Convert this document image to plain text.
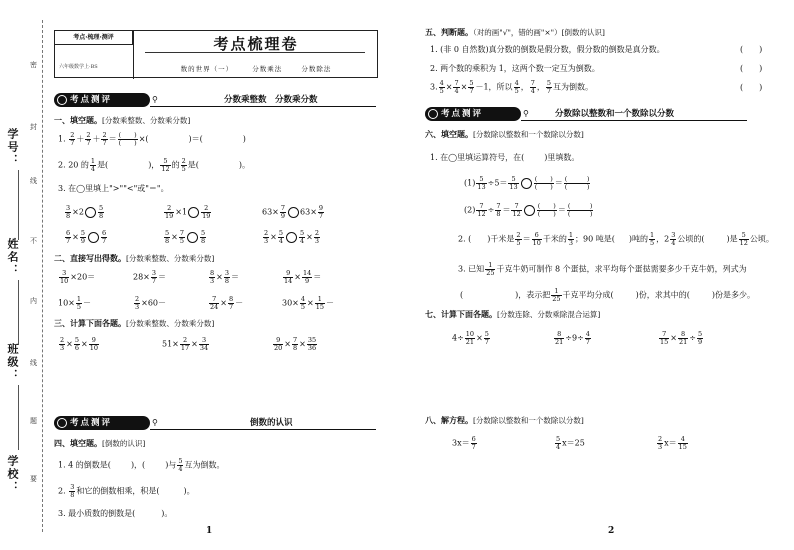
学号：
姓名：
班级：
学校：
密
封
线
不
内
线
题
要
考点·梳理·测评
六年级数学上·BS
考点梳理卷
数的世界（一）	分数乘法	分数除法
考点测评	⚲	分数乘整数　分数乘分数
一、填空题。[分数乘整数、分数乘分数]
1. $\frac{2}{7} + \frac{2}{7} + \frac{2}{7} = \frac{( )}{( )}$ ×(	)＝(	)
2. 20 的 $\frac{1}{4}$ 是(	)， $\frac{5}{12}$ 的 $\frac{2}{5}$ 是(	)。
3. 在◯里填上">""<"或"＝"。
$\frac{3}{8} \times 2 \frac{5}{8}$	$\frac{2}{19} \times 1 \frac{2}{19}$	$63\times \frac{7}{9} 63\times \frac{9}{7}$
$\frac{6}{7} \times \frac{5}{9} \frac{6}{7}$	$\frac{5}{8} \times \frac{7}{5} \frac{5}{8}$	$\frac{2}{3} \times \frac{5}{4} \frac{5}{4} \times \frac{2}{3}$
二、直接写出得数。[分数乘整数、分数乘分数]
$\frac{3}{10} \times 20=$	$28\times \frac{3}{7}$ ＝	$\frac{8}{3} \times \frac{3}{8}$ ＝	$\frac{9}{14} \times \frac{14}{9}$ ＝
$10\times \frac{1}{5}$ －	$\frac{2}{3} \times 60-$	$\frac{7}{24} \times \frac{8}{7}$ －	$30\times \frac{4}{5} \times \frac{1}{15}$ －
三、计算下面各题。[分数乘整数、分数乘分数]
$\frac{2}{3} \times \frac{5}{6} \times \frac{9}{10}$	$51\times \frac{2}{17} \times \frac{3}{34}$	$\frac{9}{20} \times \frac{7}{8} \times \frac{35}{36}$
考点测评	⚲	倒数的认识
四、填空题。[倒数的认识]
1. 4 的倒数是(	)，(	)与 $\frac{5}{4}$ 互为倒数。
2. $\frac{3}{8}$ 和它的倒数相乘，积是(	)。
3. 最小质数的倒数是(	)。
1
五、判断题。（对的画"√"，错的画"×"）[倒数的认识]
1. (非 0 自然数)真分数的倒数是假分数，假分数的倒数是真分数。	(　　)
2. 两个数的乘积为 1，这两个数一定互为倒数。	(　　)
3. $\frac{4}{5} \times \frac{7}{4} \times \frac{5}{7} -1$，所以 $\frac{4}{5}$ ， $\frac{7}{4}$ ， $\frac{5}{7}$ 互为倒数。	(　　)
考点测评	⚲	分数除以整数和一个数除以分数
六、填空题。[分数除以整数和一个数除以分数]
1. 在◯里填运算符号，在(	)里填数。
$(1) \frac{5}{13} \div 5= \frac{5}{13} \frac{( )}{( )} = \frac{( )}{( )}$
$(2) \frac{7}{12} \div \frac{7}{8} = \frac{7}{12} \frac{( )}{( )} = \frac{( )}{( )}$
2. ( )千米是 $\frac{2}{5} = \frac{6}{10}$ 千米的 $\frac{1}{3}$ ；90 吨是( )吨的 $\frac{1}{5}$ ，$2 \frac{3}{4}$ 公顷的(	)是 $\frac{5}{12}$ 公顷。
3. 已知 $\frac{1}{25}$ 千克牛奶可制作 8 个蛋挞，求平均每个蛋挞需要多少千克牛奶，列式为
(	)，表示把 $\frac{1}{25}$ 千克平均分成(	)份，求其中的(	)份是多少。
七、计算下面各题。[分数连除、分数乘除混合运算]
$4\div \frac{10}{21} \times \frac{5}{7}$	$\frac{8}{21} \div 9\div \frac{4}{7}$	$\frac{7}{15} \times \frac{8}{21} \div \frac{5}{9}$
八、解方程。[分数除以整数和一个数除以分数]
$3x= \frac{6}{7}$	$\frac{5}{4} x=25$	$\frac{2}{3} x= \frac{4}{15}$
2
